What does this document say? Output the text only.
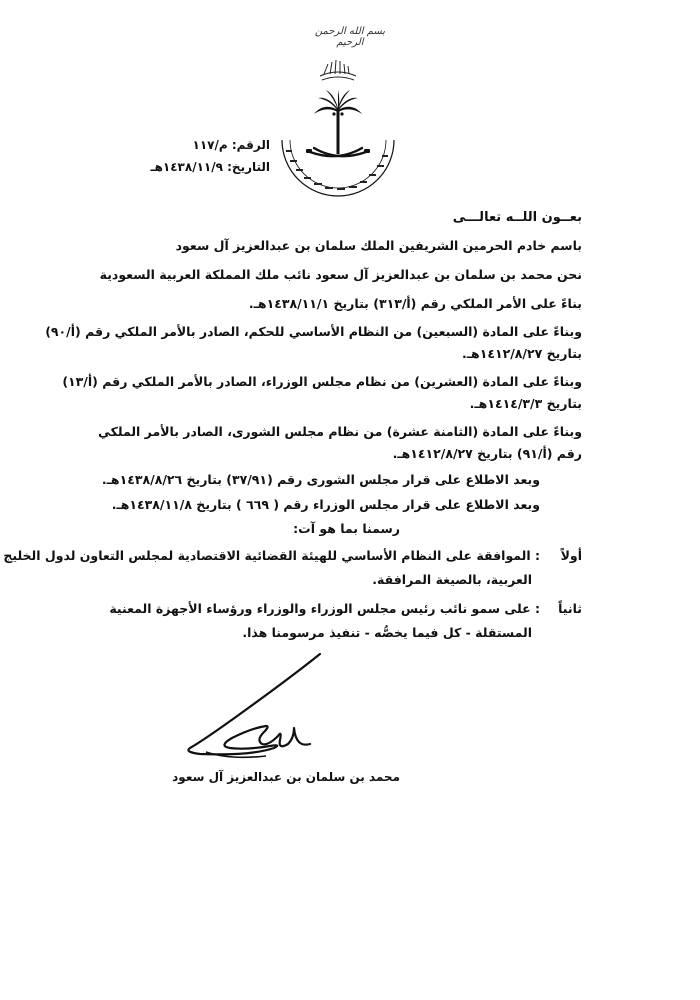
بسم الله الرحمن الرحيم
الرقم: م/١١٧
التاريخ: ١٤٣٨/١١/٩هـ
بعــون اللــه تعالـــى
باسم خادم الحرمين الشريفين الملك سلمان بن عبدالعزيز آل سعود
نحن محمد بن سلمان بن عبدالعزيز آل سعود نائب ملك المملكة العربية السعودية
بناءً على الأمر الملكي رقم (أ/٣١٣) بتاريخ ١٤٣٨/١١/١هـ.
وبناءً على المادة (السبعين) من النظام الأساسي للحكم، الصادر بالأمر الملكي رقم (أ/٩٠)
بتاريخ ١٤١٢/٨/٢٧هـ.
وبناءً على المادة (العشرين) من نظام مجلس الوزراء، الصادر بالأمر الملكي رقم (أ/١٣)
بتاريخ ١٤١٤/٣/٣هـ.
وبناءً على المادة (الثامنة عشرة) من نظام مجلس الشورى، الصادر بالأمر الملكي
رقم (أ/٩١) بتاريخ ١٤١٢/٨/٢٧هـ.
وبعد الاطلاع على قرار مجلس الشورى رقم (٣٧/٩١) بتاريخ ١٤٣٨/٨/٢٦هـ.
وبعد الاطلاع على قرار مجلس الوزراء رقم ( ٦٦٩ ) بتاريخ ١٤٣٨/١١/٨هـ.
رسمنا بما هو آت:
أولاً
: الموافقة على النظام الأساسي للهيئة القضائية الاقتصادية لمجلس التعاون لدول الخليج
العربية، بالصيغة المرافقة.
ثانياً
: على سمو نائب رئيس مجلس الوزراء والوزراء ورؤساء الأجهزة المعنية
المستقلة - كل فيما يخصُّه - تنفيذ مرسومنا هذا.
محمد بن سلمان بن عبدالعزيز آل سعود
